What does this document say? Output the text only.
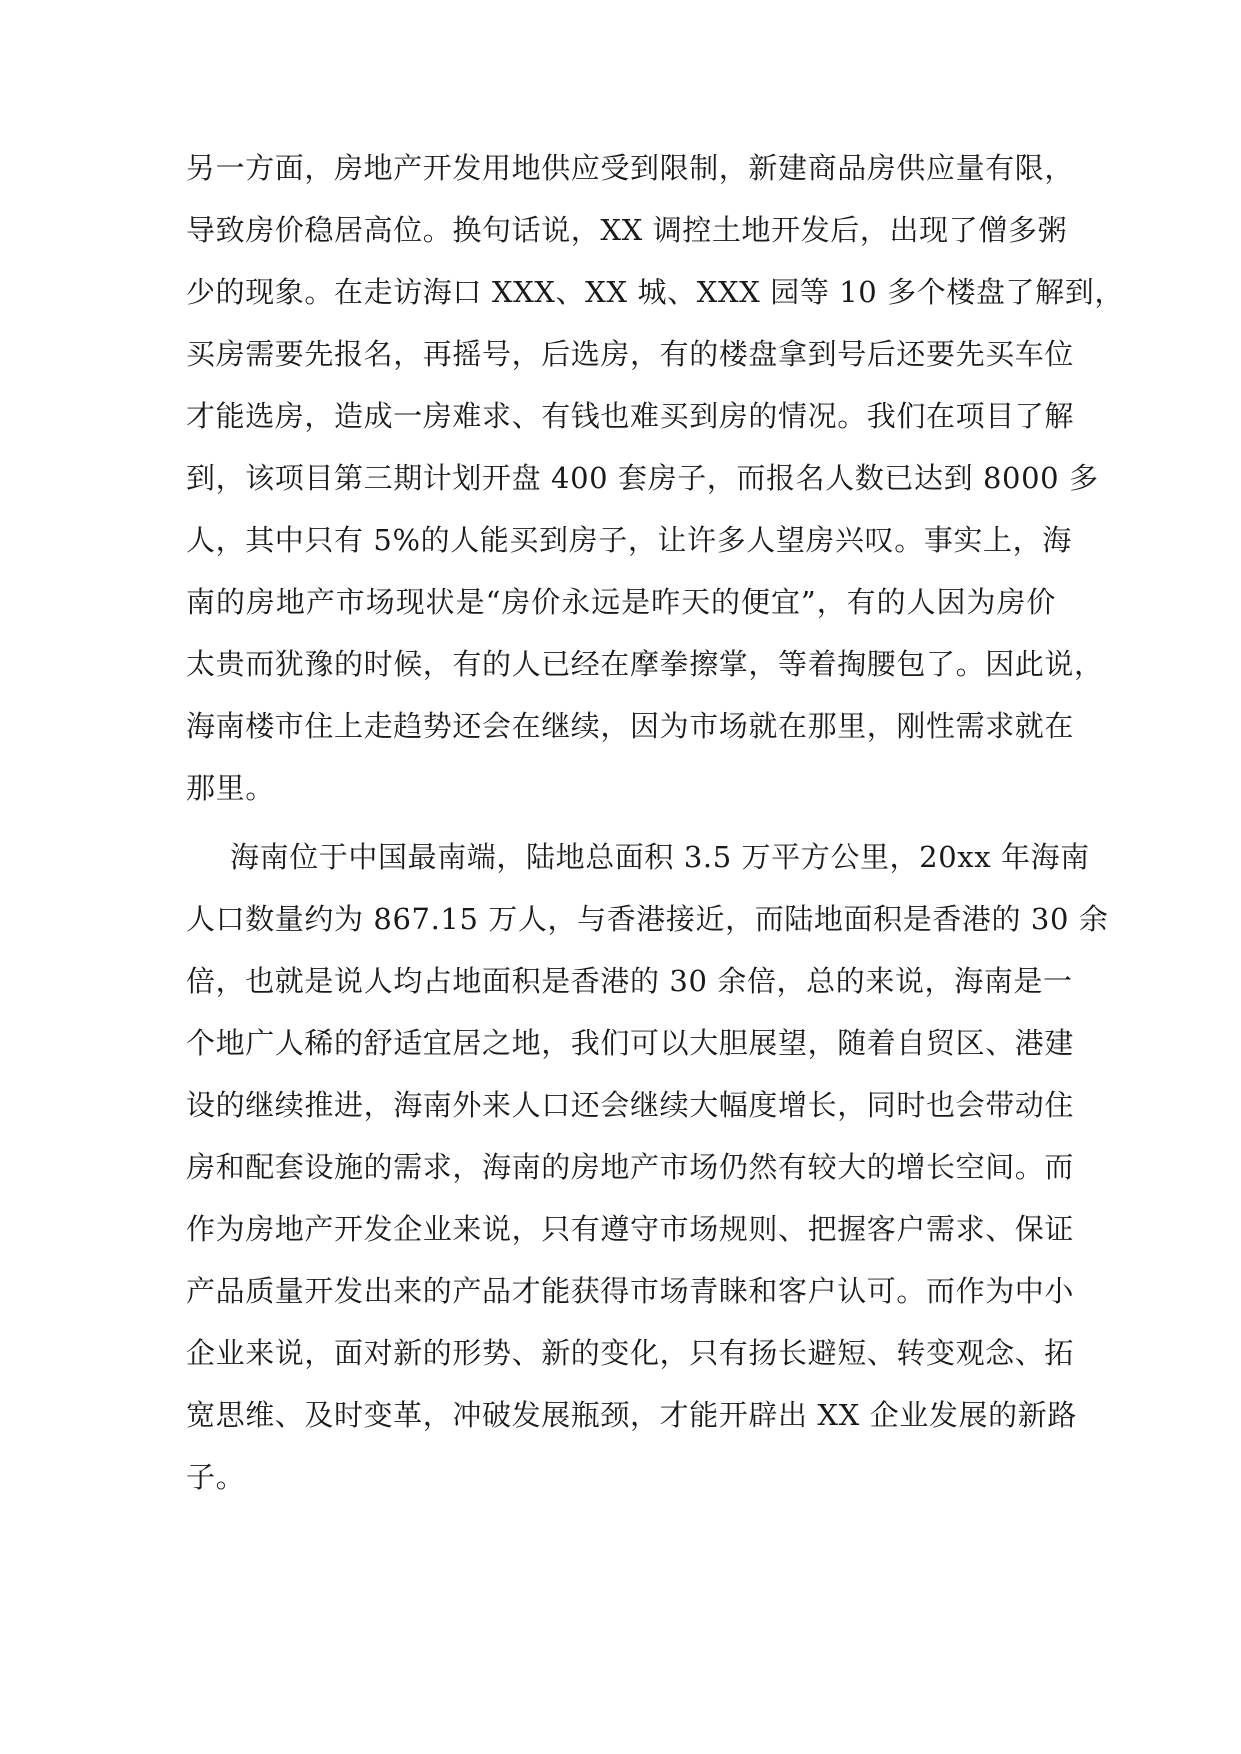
另一方面，房地产开发用地供应受到限制，新建商品房供应量有限，
导致房价稳居高位。换句话说，XX 调控土地开发后，出现了僧多粥
少的现象。在走访海口 XXX、XX 城、XXX 园等 10 多个楼盘了解到，
买房需要先报名，再摇号，后选房，有的楼盘拿到号后还要先买车位
才能选房，造成一房难求、有钱也难买到房的情况。我们在项目了解
到，该项目第三期计划开盘 400 套房子，而报名人数已达到 8000 多
人，其中只有 5%的人能买到房子，让许多人望房兴叹。事实上，海
南的房地产市场现状是“房价永远是昨天的便宜”，有的人因为房价
太贵而犹豫的时候，有的人已经在摩拳擦掌，等着掏腰包了。因此说，
海南楼市住上走趋势还会在继续，因为市场就在那里，刚性需求就在
那里。
海南位于中国最南端，陆地总面积 3.5 万平方公里，20xx 年海南
人口数量约为 867.15 万人，与香港接近，而陆地面积是香港的 30 余
倍，也就是说人均占地面积是香港的 30 余倍，总的来说，海南是一
个地广人稀的舒适宜居之地，我们可以大胆展望，随着自贸区、港建
设的继续推进，海南外来人口还会继续大幅度增长，同时也会带动住
房和配套设施的需求，海南的房地产市场仍然有较大的增长空间。而
作为房地产开发企业来说，只有遵守市场规则、把握客户需求、保证
产品质量开发出来的产品才能获得市场青睐和客户认可。而作为中小
企业来说，面对新的形势、新的变化，只有扬长避短、转变观念、拓
宽思维、及时变革，冲破发展瓶颈，才能开辟出 XX 企业发展的新路
子。
